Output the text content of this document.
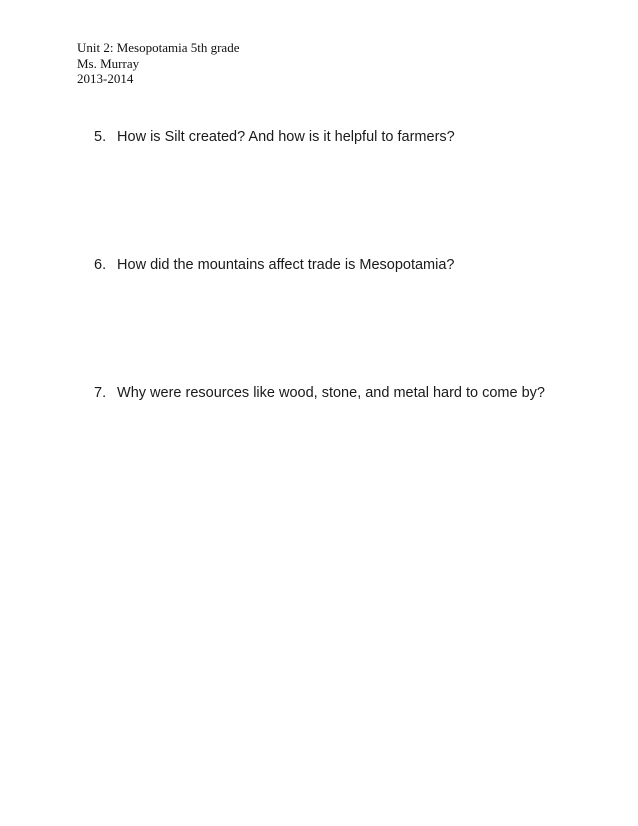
Unit 2: Mesopotamia 5th grade
Ms. Murray
2013-2014
5. How is Silt created? And how is it helpful to farmers?
6. How did the mountains affect trade is Mesopotamia?
7. Why were resources like wood, stone, and metal hard to come by?
